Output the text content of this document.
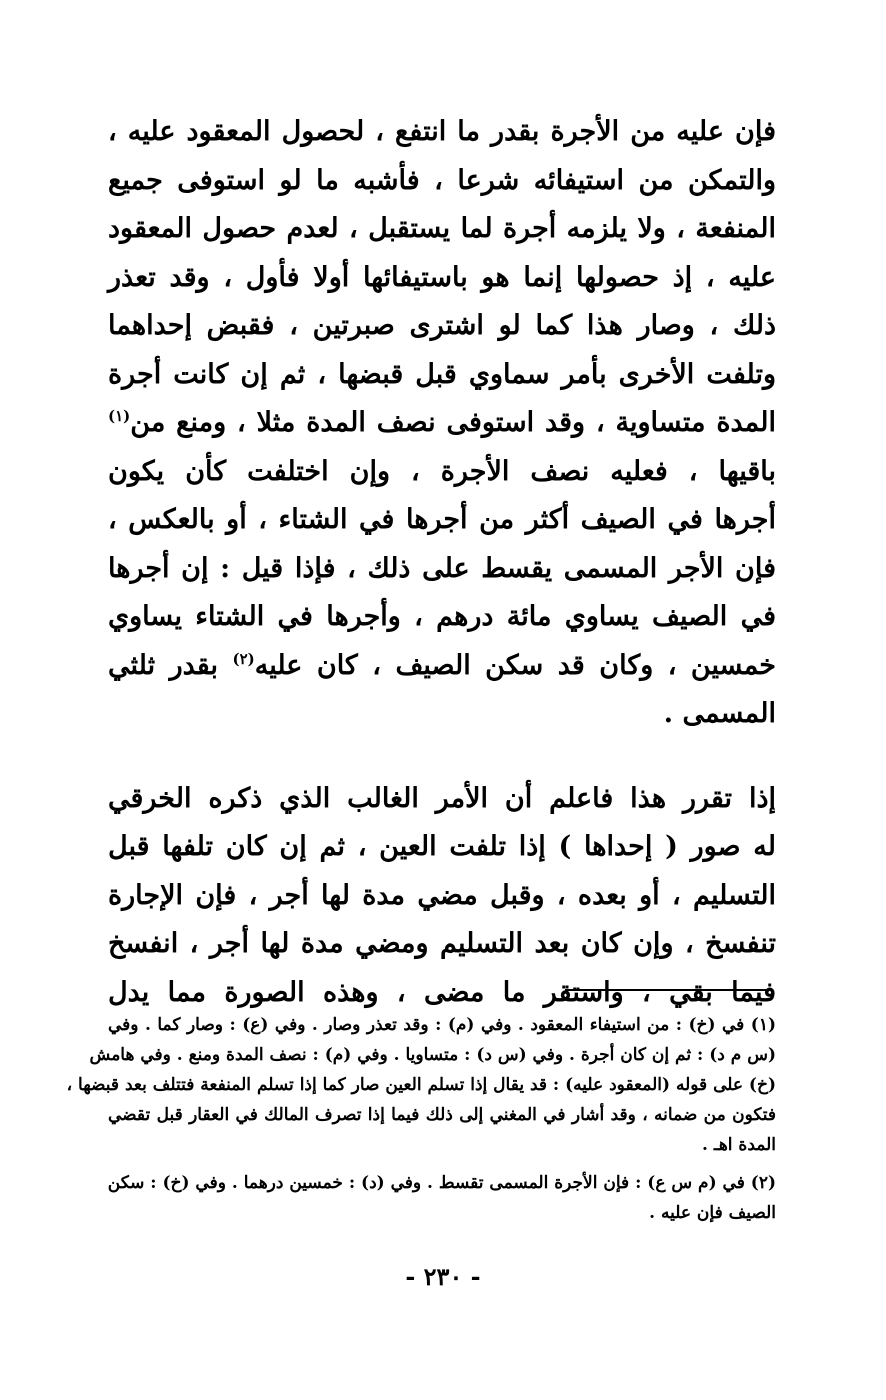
فإن عليه من الأجرة بقدر ما انتفع ، لحصول المعقود عليه ،
والتمكن من استيفائه شرعا ، فأشبه ما لو استوفى جميع
المنفعة ، ولا يلزمه أجرة لما يستقبل ، لعدم حصول المعقود
عليه ، إذ حصولها إنما هو باستيفائها أولا فأول ، وقد تعذر
ذلك ، وصار هذا كما لو اشترى صبرتين ، فقبض إحداهما
وتلفت الأخرى بأمر سماوي قبل قبضها ، ثم إن كانت أجرة
المدة متساوية ، وقد استوفى نصف المدة مثلا ، ومنع من$^{(١)}$
باقيها ، فعليه نصف الأجرة ، وإن اختلفت كأن يكون
أجرها في الصيف أكثر من أجرها في الشتاء ، أو بالعكس ،
فإن الأجر المسمى يقسط على ذلك ، فإذا قيل : إن أجرها
في الصيف يساوي مائة درهم ، وأجرها في الشتاء يساوي
خمسين ، وكان قد سكن الصيف ، كان عليه$^{(٢)}$ بقدر ثلثي
المسمى .

إذا تقرر هذا فاعلم أن الأمر الغالب الذي ذكره الخرقي
له صور ( إحداها ) إذا تلفت العين ، ثم إن كان تلفها قبل
التسليم ، أو بعده ، وقبل مضي مدة لها أجر ، فإن الإجارة
تنفسخ ، وإن كان بعد التسليم ومضي مدة لها أجر ، انفسخ
فيما بقي ، واستقر ما مضى ، وهذه الصورة مما يدل

(١) في (خ) : من استيفاء المعقود . وفي (م) : وقد تعذر وصار . وفي (ع) : وصار كما . وفي
(س م د) : ثم إن كان أجرة . وفي (س د) : متساويا . وفي (م) : نصف المدة ومنع . وفي هامش
(خ) على قوله (المعقود عليه) : قد يقال إذا تسلم العين صار كما إذا تسلم المنفعة فتتلف بعد قبضها ،
فتكون من ضمانه ، وقد أشار في المغني إلى ذلك فيما إذا تصرف المالك في العقار قبل تقضي
المدة اهـ .

(٢) في (م س ع) : فإن الأجرة المسمى تقسط . وفي (د) : خمسين درهما . وفي (خ) : سكن
الصيف فإن عليه .

- ٢٣٠ -
